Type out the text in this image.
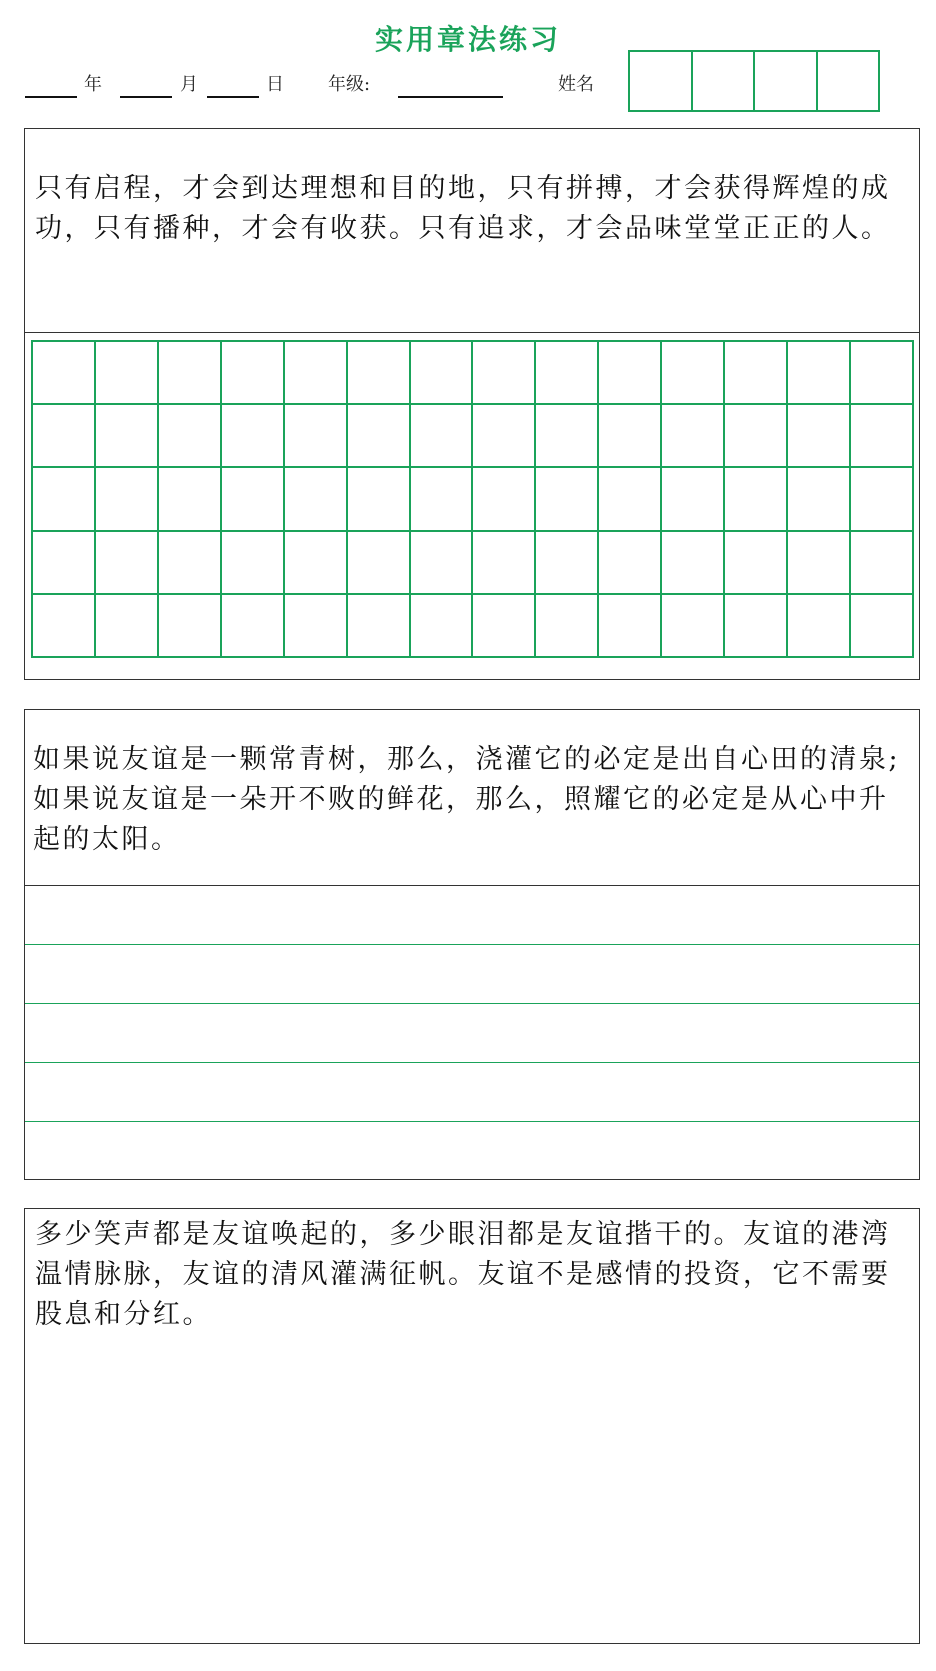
实用章法练习
年	月	日 年级:	姓名
只有启程，才会到达理想和目的地，只有拼搏，才会获得辉煌的成功，只有播种，才会有收获。只有追求，才会品味堂堂正正的人。
如果说友谊是一颗常青树，那么，浇灌它的必定是出自心田的清泉;如果说友谊是一朵开不败的鲜花，那么，照耀它的必定是从心中升起的太阳。
多少笑声都是友谊唤起的，多少眼泪都是友谊揩干的。友谊的港湾温情脉脉，友谊的清风灌满征帆。友谊不是感情的投资，它不需要股息和分红。
